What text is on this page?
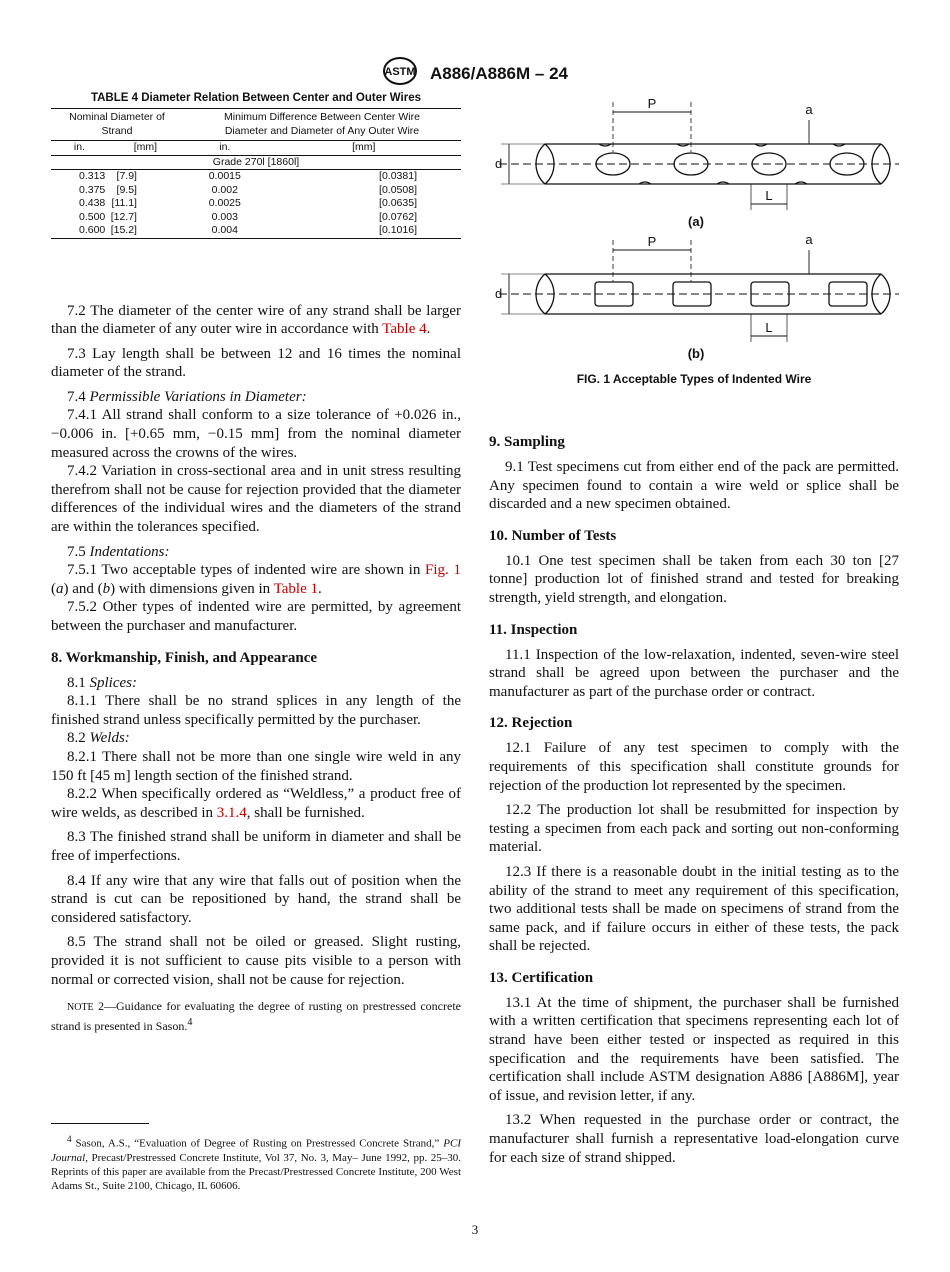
ASTM A886/A886M – 24
TABLE 4 Diameter Relation Between Center and Outer Wires
Nominal Diameter of Strand		Minimum Difference Between Center Wire Diameter and Diameter of Any Outer Wire	
in.	[mm]	in.	[mm]
Grade 270l [1860l]			
0.313	[7.9]	0.0015	[0.0381]
0.375	[9.5]	0.002	[0.0508]
0.438	[11.1]	0.0025	[0.0635]
0.500	[12.7]	0.003	[0.0762]
0.600	[15.2]	0.004	[0.1016]

7.2 The diameter of the center wire of any strand shall be larger than the diameter of any outer wire in accordance with Table 4.

7.3 Lay length shall be between 12 and 16 times the nominal diameter of the strand.

7.4 Permissible Variations in Diameter:

7.4.1 All strand shall conform to a size tolerance of +0.026 in., −0.006 in. [+0.65 mm, −0.15 mm] from the nominal diameter measured across the crowns of the wires.

7.4.2 Variation in cross-sectional area and in unit stress resulting therefrom shall not be cause for rejection provided that the diameter differences of the individual wires and the diameters of the strand are within the tolerances specified.

7.5 Indentations:

7.5.1 Two acceptable types of indented wire are shown in Fig. 1 (a) and (b) with dimensions given in Table 1.

7.5.2 Other types of indented wire are permitted, by agreement between the purchaser and manufacturer.

8. Workmanship, Finish, and Appearance

8.1 Splices:

8.1.1 There shall be no strand splices in any length of the finished strand unless specifically permitted by the purchaser.

8.2 Welds:

8.2.1 There shall not be more than one single wire weld in any 150 ft [45 m] length section of the finished strand.

8.2.2 When specifically ordered as “Weldless,” a product free of wire welds, as described in 3.1.4, shall be furnished.

8.3 The finished strand shall be uniform in diameter and shall be free of imperfections.

8.4 If any wire that any wire that falls out of position when the strand is cut can be repositioned by hand, the strand shall be considered satisfactory.

8.5 The strand shall not be oiled or greased. Slight rusting, provided it is not sufficient to cause pits visible to a person with normal or corrected vision, shall not be cause for rejection.

NOTE 2—Guidance for evaluating the degree of rusting on prestressed concrete strand is presented in Sason.$^4$
$^4$ Sason, A.S., “Evaluation of Degree of Rusting on Prestressed Concrete Strand,” PCI Journal, Precast/Prestressed Concrete Institute, Vol 37, No. 3, May– June 1992, pp. 25–30. Reprints of this paper are available from the Precast/Prestressed Concrete Institute, 200 West Adams St., Suite 2100, Chicago, IL 60606.
P	a
d
L
(a)
P	a
d
L
(b)
FIG. 1 Acceptable Types of Indented Wire
9. Sampling

9.1 Test specimens cut from either end of the pack are permitted. Any specimen found to contain a wire weld or splice shall be discarded and a new specimen obtained.

10. Number of Tests

10.1 One test specimen shall be taken from each 30 ton [27 tonne] production lot of finished strand and tested for breaking strength, yield strength, and elongation.

11. Inspection

11.1 Inspection of the low-relaxation, indented, seven-wire steel strand shall be agreed upon between the purchaser and the manufacturer as part of the purchase order or contract.

12. Rejection

12.1 Failure of any test specimen to comply with the requirements of this specification shall constitute grounds for rejection of the production lot represented by the specimen.

12.2 The production lot shall be resubmitted for inspection by testing a specimen from each pack and sorting out non-conforming material.

12.3 If there is a reasonable doubt in the initial testing as to the ability of the strand to meet any requirement of this specification, two additional tests shall be made on specimens of strand from the same pack, and if failure occurs in either of these tests, the pack shall be rejected.

13. Certification

13.1 At the time of shipment, the purchaser shall be furnished with a written certification that specimens representing each lot of strand have been either tested or inspected as required in this specification and the requirements have been satisfied. The certification shall include ASTM designation A886 [A886M], year of issue, and revision letter, if any.

13.2 When requested in the purchase order or contract, the manufacturer shall furnish a representative load-elongation curve for each size of strand shipped.

3
